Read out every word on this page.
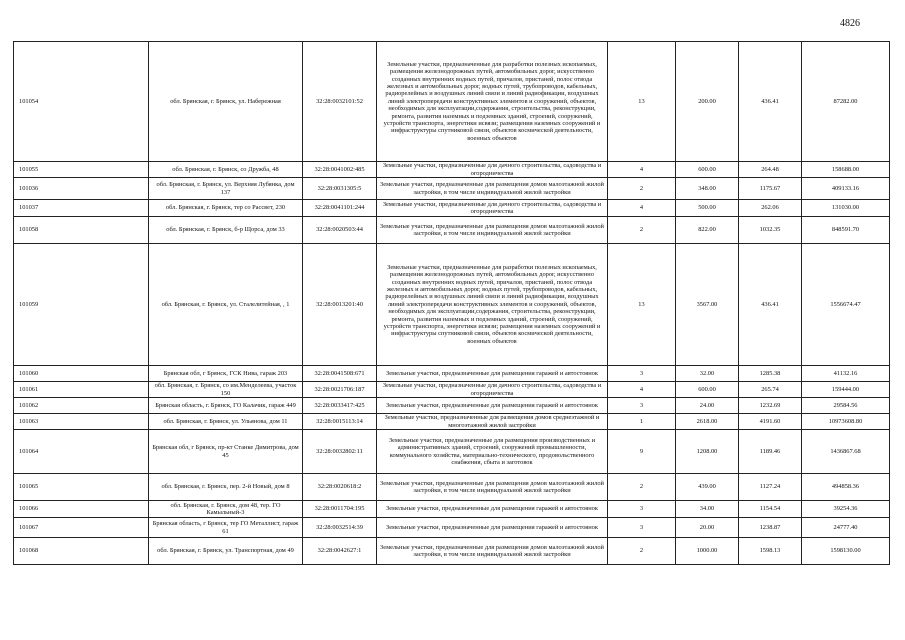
4826
101054	обл. Брянская, г. Брянск, ул. Набережная	32:28:0032101:52	Земельные участки, предназначенные для разработки полезных ископаемых, размещения железнодорожных путей, автомобильных дорог, искусственно созданных внутренних водных путей, причалов, пристаней, полос отвода железных и автомобильных дорог, водных путей, трубопроводов, кабельных, радиорелейных и воздушных линий связи и линий радиофикации, воздушных линий электропередачи конструктивных элементов и сооружений, объектов, необходимых для эксплуатации,содержания, строительства, реконструкции, ремонта, развития наземных и подземных зданий, строений, сооружений, устройств транспорта, энергетики исвязи; размещения наземных сооружений и инфраструктуры спутниковой связи, объектов космической деятельности, военных объектов	13	200.00	436.41	87282.00
101055	обл. Брянская, г. Брянск, со Дружба, 48	32:28:0041002:485	Земельные участки, предназначенные для дачного строительства, садоводства и огородничества	4	600.00	264.48	158688.00
101036	обл. Брянская, г. Брянск, ул. Верхняя Лубянка, дом 137	32:28:0031305:5	Земельные участки, предназначенные для размещения домов малоэтажной жилой застройки, в том числе индивидуальной жилой застройки	2	348.00	1175.67	409133.16
101037	обл. Брянская, г. Брянск, тер со Рассвет, 230	32:28:0041101:244	Земельные участки, предназначенные для дачного строительства, садоводства и огородничества	4	500.00	262.06	131030.00
101058	обл. Брянская, г. Брянск, б-р Щорса, дом 33	32:28:0020503:44	Земельные участки, предназначенные для размещения домов малоэтажной жилой застройки, в том числе индивидуальной жилой застройки	2	822.00	1032.35	848591.70
101059	обл. Брянская, г. Брянск, ул. Сталелитейная, , 1	32:28:0013201:40	Земельные участки, предназначенные для разработки полезных ископаемых, размещения железнодорожных путей, автомобильных дорог, искусственно созданных внутренних водных путей, причалов, пристаней, полос отвода железных и автомобильных дорог, водных путей, трубопроводов, кабельных, радиорелейных и воздушных линий связи и линий радиофикации, воздушных линий электропередачи конструктивных элементов и сооружений, объектов, необходимых для эксплуатации,содержания, строительства, реконструкции, ремонта, развития наземных и подземных зданий, строений, сооружений, устройств транспорта, энергетики исвязи; размещения наземных сооружений и инфраструктуры спутниковой связи, объектов космической деятельности, военных объектов	13	3567.00	436.41	1556674.47
101060	Брянская обл, г Брянск, ГСК Нива, гараж 203	32:28:0041508:671	Земельные участки, предназначенные для размещения гаражей и автостоянок	3	32.00	1285.38	41132.16
101061	обл. Брянская, г. Брянск, со им.Менделеева, участок 150	32:28:0021706:187	Земельные участки, предназначенные для дачного строительства, садоводства и огородничества	4	600.00	265.74	159444.00
101062	Брянская область, г. Брянск, ГО Калачик, гараж 449	32:28:0033417:425	Земельные участки, предназначенные для размещения гаражей и автостоянок	3	24.00	1232.69	29584.56
101063	обл. Брянская, г. Брянск, ул. Ульянова, дом 11	32:28:0015113:14	Земельные участки, предназначенные для размещения домов среднеэтажной и многоэтажной жилой застройки	1	2618.00	4191.60	10973608.80
101064	Брянская обл, г Брянск, пр-кт Станке Димитрова, дом 45	32:28:0032802:11	Земельные участки, предназначенные для размещения производственных и административных зданий, строений, сооружений промышленности, коммунального хозяйства, материально-технического, продовольственного снабжения, сбыта и заготовок	9	1208.00	1189.46	1436867.68
101065	обл. Брянская, г. Брянск, пер. 2-й Новый, дом 8	32:28:0020618:2	Земельные участки, предназначенные для размещения домов малоэтажной жилой застройки, в том числе индивидуальной жилой застройки	2	439.00	1127.24	494858.36
101066	обл. Брянская, г. Брянск, дом 48, тер. ГО Камыльный-3	32:28:0011704:195	Земельные участки, предназначенные для размещения гаражей и автостоянок	3	34.00	1154.54	39254.36
101067	Брянская область, г Брянск, тер ГО Металлист, гараж 61	32:28:0032514:39	Земельные участки, предназначенные для размещения гаражей и автостоянок	3	20.00	1238.87	24777.40
101068	обл. Брянская, г. Брянск, ул. Транспортная, дом 49	32:28:0042627:1	Земельные участки, предназначенные для размещения домов малоэтажной жилой застройки, в том числе индивидуальной жилой застройки	2	1000.00	1598.13	1598130.00
